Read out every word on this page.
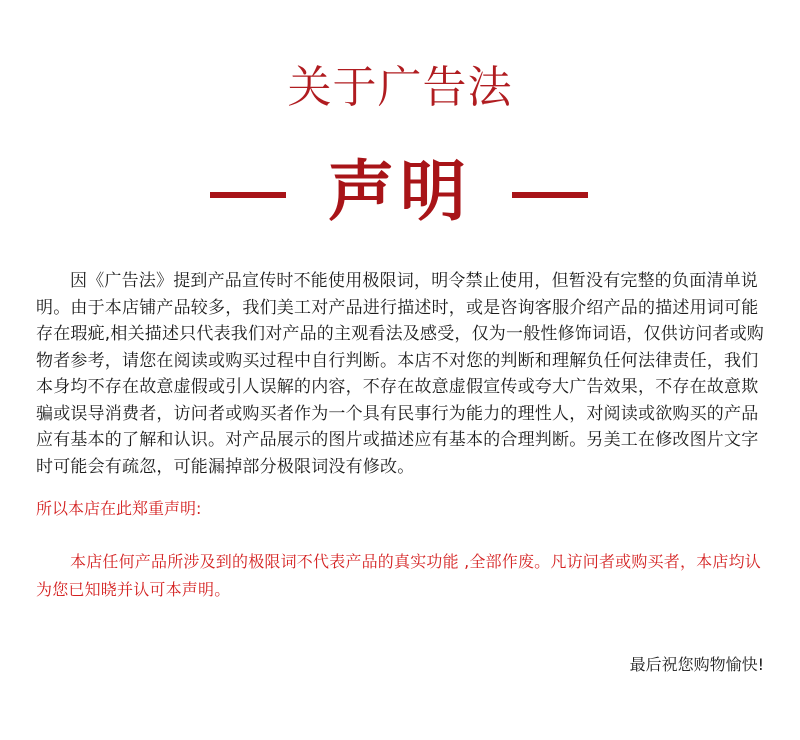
关于广告法
声明
因《广告法》提到产品宣传时不能使用极限词，明令禁止使用，但暂没有完整的负面清单说明。由于本店铺产品较多，我们美工对产品进行描述时，或是咨询客服介绍产品的描述用词可能存在瑕疵,相关描述只代表我们对产品的主观看法及感受，仅为一般性修饰词语，仅供访问者或购物者参考，请您在阅读或购买过程中自行判断。本店不对您的判断和理解负任何法律责任，我们本身均不存在故意虚假或引人误解的内容，不存在故意虚假宣传或夸大广告效果，不存在故意欺骗或误导消费者，访问者或购买者作为一个具有民事行为能力的理性人，对阅读或欲购买的产品应有基本的了解和认识。对产品展示的图片或描述应有基本的合理判断。另美工在修改图片文字时可能会有疏忽，可能漏掉部分极限词没有修改。
所以本店在此郑重声明:
本店任何产品所涉及到的极限词不代表产品的真实功能 ,全部作废。凡访问者或购买者，本店均认为您已知晓并认可本声明。
最后祝您购物愉快!
